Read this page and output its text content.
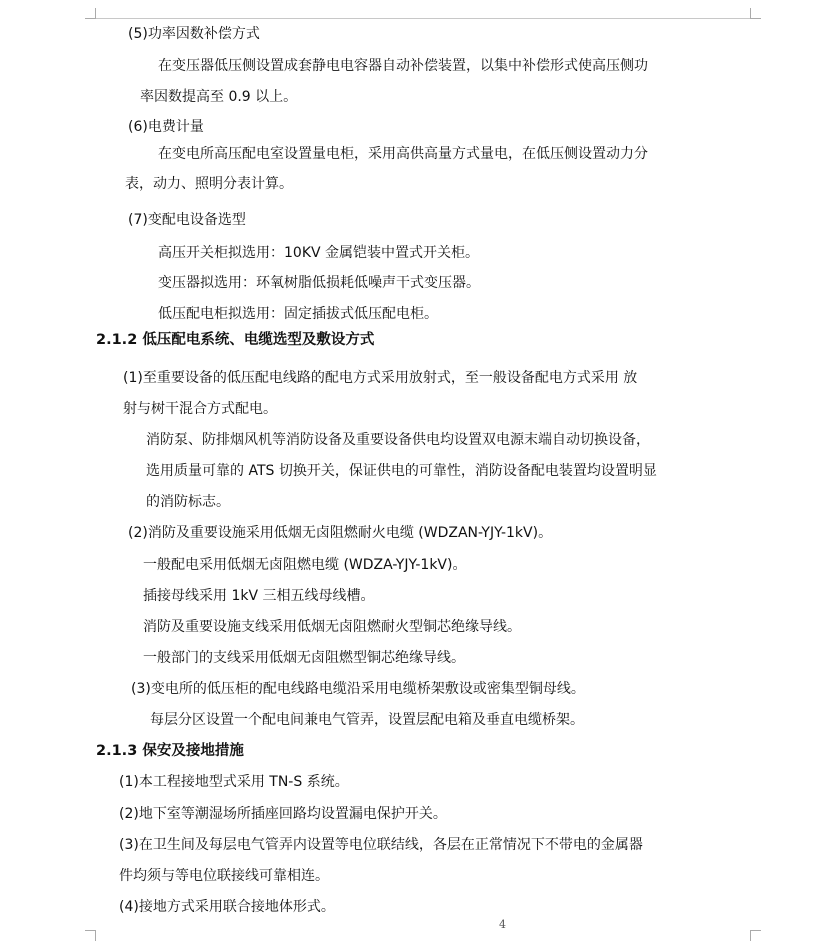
(5)功率因数补偿方式
在变压器低压侧设置成套静电电容器自动补偿装置，以集中补偿形式使高压侧功
率因数提高至 0.9 以上。
(6)电费计量
在变电所高压配电室设置量电柜，采用高供高量方式量电，在低压侧设置动力分
表，动力、照明分表计算。
(7)变配电设备选型
高压开关柜拟选用：10KV 金属铠装中置式开关柜。
变压器拟选用：环氧树脂低损耗低噪声干式变压器。
低压配电柜拟选用：固定插拔式低压配电柜。
2.1.2 低压配电系统、电缆选型及敷设方式
(1)至重要设备的低压配电线路的配电方式采用放射式，至一般设备配电方式采用 放
射与树干混合方式配电。
消防泵、防排烟风机等消防设备及重要设备供电均设置双电源末端自动切换设备，
选用质量可靠的 ATS 切换开关，保证供电的可靠性，消防设备配电装置均设置明显
的消防标志。
(2)消防及重要设施采用低烟无卤阻燃耐火电缆 (WDZAN-YJY-1kV)。
一般配电采用低烟无卤阻燃电缆 (WDZA-YJY-1kV)。
插接母线采用 1kV 三相五线母线槽。
消防及重要设施支线采用低烟无卤阻燃耐火型铜芯绝缘导线。
一般部门的支线采用低烟无卤阻燃型铜芯绝缘导线。
(3)变电所的低压柜的配电线路电缆沿采用电缆桥架敷设或密集型铜母线。
每层分区设置一个配电间兼电气管弄，设置层配电箱及垂直电缆桥架。
2.1.3 保安及接地措施
(1)本工程接地型式采用 TN-S 系统。
(2)地下室等潮湿场所插座回路均设置漏电保护开关。
(3)在卫生间及每层电气管弄内设置等电位联结线，各层在正常情况下不带电的金属器
件均须与等电位联接线可靠相连。
(4)接地方式采用联合接地体形式。
4
